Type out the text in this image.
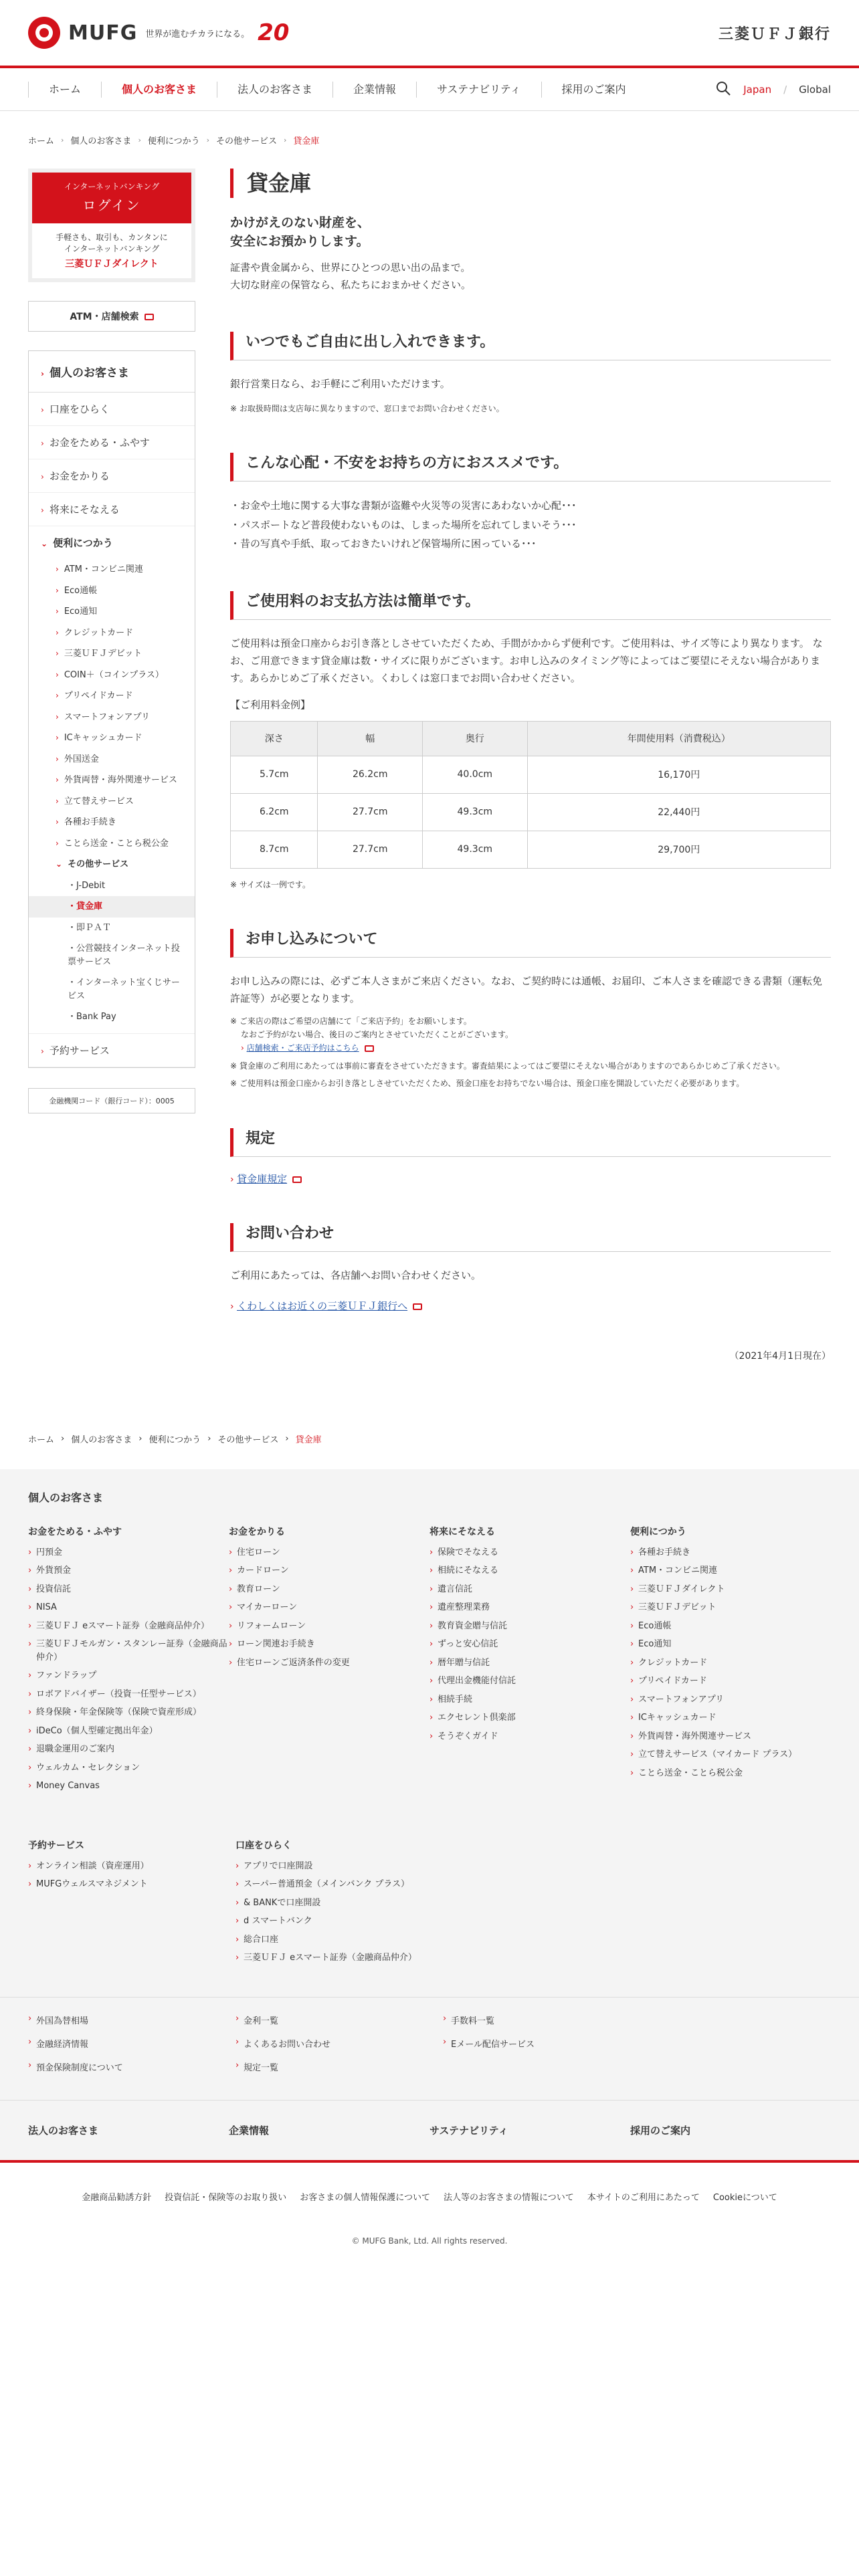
MUFG 世界が進むチカラになる。 20	三菱ＵＦＪ銀行
ホーム	個人のお客さま	法人のお客さま	企業情報	サステナビリティ	採用のご案内	Japan / Global
ホーム › 個人のお客さま › 便利につかう › その他サービス › 貸金庫
インターネットバンキング
ログイン
手軽さも、取引も、カンタンに
インターネットバンキング
三菱ＵＦＪダイレクト
ATM・店舗検索
› 個人のお客さま
› 口座をひらく
› お金をためる・ふやす
› お金をかりる
› 将来にそなえる
⌄ 便利につかう
› ATM・コンビニ関連
› Eco通帳
› Eco通知
› クレジットカード
› 三菱ＵＦＪデビット
› COIN＋（コインプラス）
› プリペイドカード
› スマートフォンアプリ
› ICキャッシュカード
› 外国送金
› 外貨両替・海外関連サービス
› 立て替えサービス
› 各種お手続き
› ことら送金・ことら税公金
⌄ その他サービス
・J-Debit
・貸金庫
・即ＰＡＴ
・公営競技インターネット投票サービス
・インターネット宝くじサービス
・Bank Pay
› 予約サービス
金融機関コード（銀行コード）：0005
貸金庫
かけがえのない財産を、
安全にお預かりします。
証書や貴金属から、世界にひとつの思い出の品まで。
大切な財産の保管なら、私たちにおまかせください。
いつでもご自由に出し入れできます。

銀行営業日なら、お手軽にご利用いただけます。

※ お取扱時間は支店毎に異なりますので、窓口までお問い合わせください。

こんな心配・不安をお持ちの方におススメです。
・お金や土地に関する大事な書類が盗難や火災等の災害にあわないか心配･･･
・パスポートなど普段使わないものは、しまった場所を忘れてしまいそう･･･
・昔の写真や手紙、取っておきたいけれど保管場所に困っている･･･
ご使用料のお支払方法は簡単です。

ご使用料は預金口座からお引き落としさせていただくため、手間がかからず便利です。ご使用料は、サイズ等により異なります。 なお、ご用意できます貸金庫は数・サイズに限りがございます。お申し込みのタイミング等によってはご要望にそえない場合があります。あらかじめご了承ください。くわしくは窓口までお問い合わせください。

【ご利用料金例】

深さ	幅	奥行	年間使用料（消費税込）
5.7cm	26.2cm	40.0cm	16,170円
6.2cm	27.7cm	49.3cm	22,440円
8.7cm	27.7cm	49.3cm	29,700円

※ サイズは一例です。

お申し込みについて

お申し込みの際には、必ずご本人さまがご来店ください。なお、ご契約時には通帳、お届印、ご本人さまを確認できる書類（運転免許証等）が必要となります。

※ ご来店の際はご希望の店舗にて「ご来店予約」をお願いします。
なおご予約がない場合、後日のご案内とさせていただくことがございます。
› 店舗検索・ご来店予約はこちら
※ 貸金庫のご利用にあたっては事前に審査をさせていただきます。審査結果によってはご要望にそえない場合がありますのであらかじめご了承ください。
※ ご使用料は預金口座からお引き落としさせていただくため、預金口座をお持ちでない場合は、預金口座を開設していただく必要があります。
規定
› 貸金庫規定
お問い合わせ

ご利用にあたっては、各店舗へお問い合わせください。

› くわしくはお近くの三菱ＵＦＪ銀行へ

（2021年4月1日現在）

ホーム › 個人のお客さま › 便利につかう › その他サービス › 貸金庫
個人のお客さま
お金をためる・ふやす
› 円預金
› 外貨預金
› 投資信託
› NISA
› 三菱ＵＦＪ eスマート証券（金融商品仲介）
› 三菱ＵＦＪモルガン・スタンレー証券（金融商品仲介）
› ファンドラップ
› ロボアドバイザー（投資一任型サービス）
› 終身保険・年金保険等（保険で資産形成）
› iDeCo（個人型確定拠出年金）
› 退職金運用のご案内
› ウェルカム・セレクション
› Money Canvas
お金をかりる
› 住宅ローン
› カードローン
› 教育ローン
› マイカーローン
› リフォームローン
› ローン関連お手続き
› 住宅ローンご返済条件の変更
将来にそなえる
› 保険でそなえる
› 相続にそなえる
› 遺言信託
› 遺産整理業務
› 教育資金贈与信託
› ずっと安心信託
› 暦年贈与信託
› 代理出金機能付信託
› 相続手続
› エクセレント倶楽部
› そうぞくガイド
便利につかう
› 各種お手続き
› ATM・コンビニ関連
› 三菱ＵＦＪダイレクト
› 三菱ＵＦＪデビット
› Eco通帳
› Eco通知
› クレジットカード
› プリペイドカード
› スマートフォンアプリ
› ICキャッシュカード
› 外貨両替・海外関連サービス
› 立て替えサービス（マイカード プラス）
› ことら送金・ことら税公金
予約サービス
› オンライン相談（資産運用）
› MUFGウェルスマネジメント
口座をひらく
› アプリで口座開設
› スーパー普通預金（メインバンク プラス）
› & BANKで口座開設
› d スマートバンク
› 総合口座
› 三菱ＵＦＪ eスマート証券（金融商品仲介）
› 外国為替相場	› 金利一覧	› 手数料一覧
› 金融経済情報	› よくあるお問い合わせ	› Eメール配信サービス
› 預金保険制度について	› 規定一覧
法人のお客さま	企業情報	サステナビリティ	採用のご案内
金融商品勧誘方針 投資信託・保険等のお取り扱い お客さまの個人情報保護について 法人等のお客さまの情報について 本サイトのご利用にあたって Cookieについて
© MUFG Bank, Ltd. All rights reserved.
